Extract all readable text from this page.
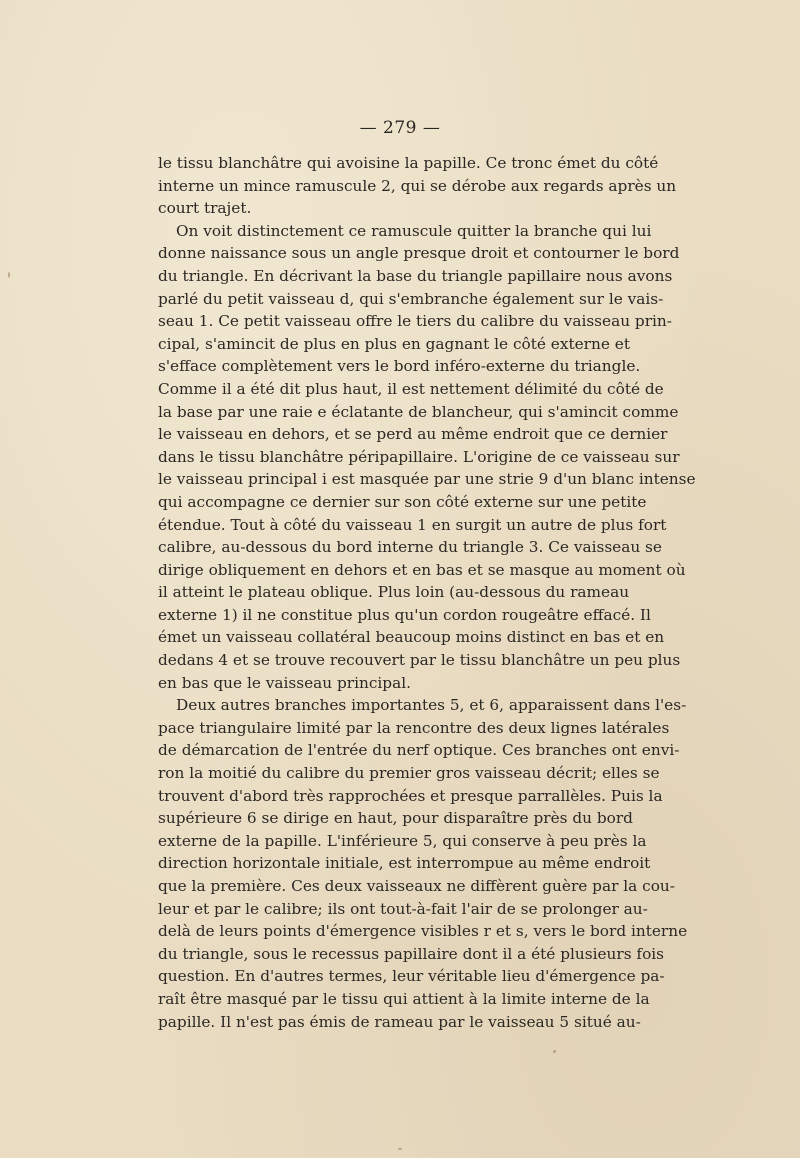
— 279 —
le tissu blanchâtre qui avoisine la papille. Ce tronc émet du côté
interne un mince ramuscule 2, qui se dérobe aux regards après un
court trajet.
On voit distinctement ce ramuscule quitter la branche qui lui
donne naissance sous un angle presque droit et contourner le bord
du triangle. En décrivant la base du triangle papillaire nous avons
parlé du petit vaisseau d, qui s'embranche également sur le vais-
seau 1. Ce petit vaisseau offre le tiers du calibre du vaisseau prin-
cipal, s'amincit de plus en plus en gagnant le côté externe et
s'efface complètement vers le bord inféro-externe du triangle.
Comme il a été dit plus haut, il est nettement délimité du côté de
la base par une raie e éclatante de blancheur, qui s'amincit comme
le vaisseau en dehors, et se perd au même endroit que ce dernier
dans le tissu blanchâtre péripapillaire. L'origine de ce vaisseau sur
le vaisseau principal i est masquée par une strie 9 d'un blanc intense
qui accompagne ce dernier sur son côté externe sur une petite
étendue. Tout à côté du vaisseau 1 en surgit un autre de plus fort
calibre, au-dessous du bord interne du triangle 3. Ce vaisseau se
dirige obliquement en dehors et en bas et se masque au moment où
il atteint le plateau oblique. Plus loin (au-dessous du rameau
externe 1) il ne constitue plus qu'un cordon rougeâtre effacé. Il
émet un vaisseau collatéral beaucoup moins distinct en bas et en
dedans 4 et se trouve recouvert par le tissu blanchâtre un peu plus
en bas que le vaisseau principal.
Deux autres branches importantes 5, et 6, apparaissent dans l'es-
pace triangulaire limité par la rencontre des deux lignes latérales
de démarcation de l'entrée du nerf optique. Ces branches ont envi-
ron la moitié du calibre du premier gros vaisseau décrit; elles se
trouvent d'abord très rapprochées et presque parrallèles. Puis la
supérieure 6 se dirige en haut, pour disparaître près du bord
externe de la papille. L'inférieure 5, qui conserve à peu près la
direction horizontale initiale, est interrompue au même endroit
que la première. Ces deux vaisseaux ne diffèrent guère par la cou-
leur et par le calibre; ils ont tout-à-fait l'air de se prolonger au-
delà de leurs points d'émergence visibles r et s, vers le bord interne
du triangle, sous le recessus papillaire dont il a été plusieurs fois
question. En d'autres termes, leur véritable lieu d'émergence pa-
raît être masqué par le tissu qui attient à la limite interne de la
papille. Il n'est pas émis de rameau par le vaisseau 5 situé au-
